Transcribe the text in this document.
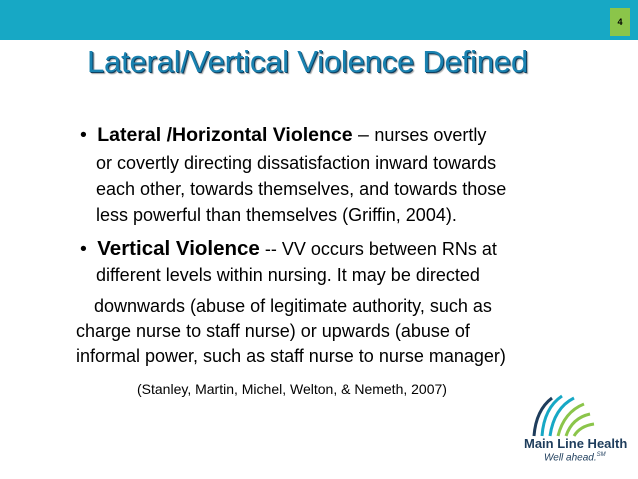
4
Lateral/Vertical Violence Defined
• Lateral /Horizontal Violence – nurses overtly
or covertly directing dissatisfaction inward towards
each other, towards themselves, and towards those
less powerful than themselves (Griffin, 2004).
• Vertical Violence -- VV occurs between RNs at
different levels within nursing. It may be directed
downwards (abuse of legitimate authority, such as
charge nurse to staff nurse) or upwards (abuse of
informal power, such as staff nurse to nurse manager)
(Stanley, Martin, Michel, Welton, & Nemeth, 2007)
Main Line Health
Well ahead.℠
